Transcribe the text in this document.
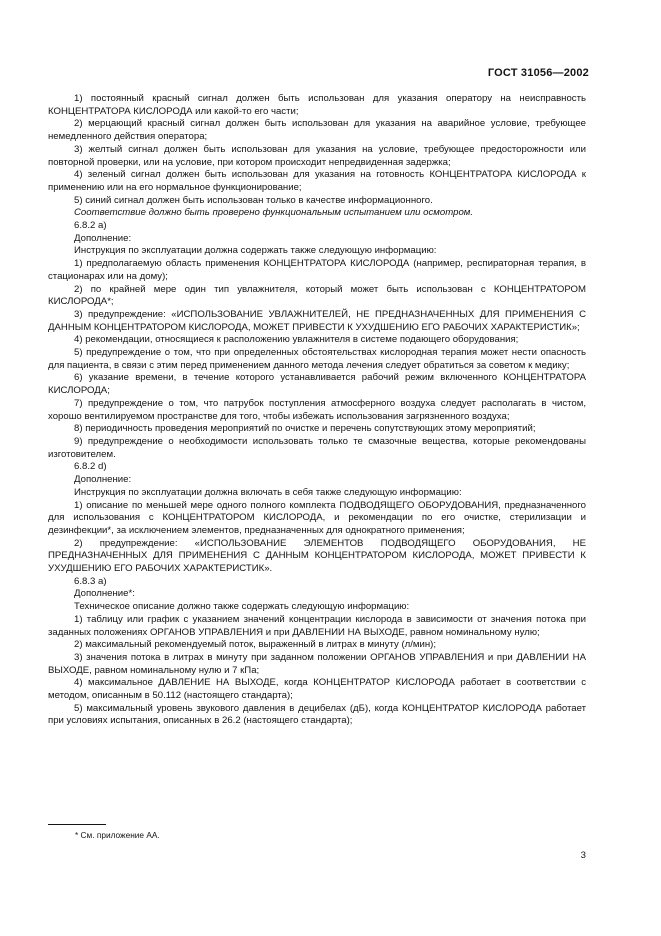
ГОСТ 31056—2002

1) постоянный красный сигнал должен быть использован для указания оператору на неисправность КОНЦЕНТРАТОРА КИСЛОРОДА или какой-то его части;

2) мерцающий красный сигнал должен быть использован для указания на аварийное условие, требующее немедленного действия оператора;

3) желтый сигнал должен быть использован для указания на условие, требующее предосторожности или повторной проверки, или на условие, при котором происходит непредвиденная задержка;

4) зеленый сигнал должен быть использован для указания на готовность КОНЦЕНТРАТОРА КИСЛОРОДА к применению или на его нормальное функционирование;

5) синий сигнал должен быть использован только в качестве информационного.

Соответствие должно быть проверено функциональным испытанием или осмотром.

6.8.2 a)

Дополнение:

Инструкция по эксплуатации должна содержать также следующую информацию:

1) предполагаемую область применения КОНЦЕНТРАТОРА КИСЛОРОДА (например, респираторная терапия, в стационарах или на дому);

2) по крайней мере один тип увлажнителя, который может быть использован с КОНЦЕНТРАТОРОМ КИСЛОРОДА*;

3) предупреждение: «ИСПОЛЬЗОВАНИЕ УВЛАЖНИТЕЛЕЙ, НЕ ПРЕДНАЗНАЧЕННЫХ ДЛЯ ПРИМЕНЕНИЯ С ДАННЫМ КОНЦЕНТРАТОРОМ КИСЛОРОДА, МОЖЕТ ПРИВЕСТИ К УХУДШЕНИЮ ЕГО РАБОЧИХ ХАРАКТЕРИСТИК»;

4) рекомендации, относящиеся к расположению увлажнителя в системе подающего оборудования;

5) предупреждение о том, что при определенных обстоятельствах кислородная терапия может нести опасность для пациента, в связи с этим перед применением данного метода лечения следует обратиться за советом к медику;

6) указание времени, в течение которого устанавливается рабочий режим включенного КОНЦЕНТРАТОРА КИСЛОРОДА;

7) предупреждение о том, что патрубок поступления атмосферного воздуха следует располагать в чистом, хорошо вентилируемом пространстве для того, чтобы избежать использования загрязненного воздуха;

8) периодичность проведения мероприятий по очистке и перечень сопутствующих этому мероприятий;

9) предупреждение о необходимости использовать только те смазочные вещества, которые рекомендованы изготовителем.

6.8.2 d)

Дополнение:

Инструкция по эксплуатации должна включать в себя также следующую информацию:

1) описание по меньшей мере одного полного комплекта ПОДВОДЯЩЕГО ОБОРУДОВАНИЯ, предназначенного для использования с КОНЦЕНТРАТОРОМ КИСЛОРОДА, и рекомендации по его очистке, стерилизации и дезинфекции*, за исключением элементов, предназначенных для однократного применения;

2) предупреждение: «ИСПОЛЬЗОВАНИЕ ЭЛЕМЕНТОВ ПОДВОДЯЩЕГО ОБОРУДОВАНИЯ, НЕ ПРЕДНАЗНАЧЕННЫХ ДЛЯ ПРИМЕНЕНИЯ С ДАННЫМ КОНЦЕНТРАТОРОМ КИСЛОРОДА, МОЖЕТ ПРИВЕСТИ К УХУДШЕНИЮ ЕГО РАБОЧИХ ХАРАКТЕРИСТИК».

6.8.3 a)

Дополнение*:

Техническое описание должно также содержать следующую информацию:

1) таблицу или график с указанием значений концентрации кислорода в зависимости от значения потока при заданных положениях ОРГАНОВ УПРАВЛЕНИЯ и при ДАВЛЕНИИ НА ВЫХОДЕ, равном номинальному нулю;

2) максимальный рекомендуемый поток, выраженный в литрах в минуту (л/мин);

3) значения потока в литрах в минуту при заданном положении ОРГАНОВ УПРАВЛЕНИЯ и при ДАВЛЕНИИ НА ВЫХОДЕ, равном номинальному нулю и 7 кПа;

4) максимальное ДАВЛЕНИЕ НА ВЫХОДЕ, когда КОНЦЕНТРАТОР КИСЛОРОДА работает в соответствии с методом, описанным в 50.112 (настоящего стандарта);

5) максимальный уровень звукового давления в децибелах (дБ), когда КОНЦЕНТРАТОР КИСЛОРОДА работает при условиях испытания, описанных в 26.2 (настоящего стандарта);

* См. приложение АА.
3
